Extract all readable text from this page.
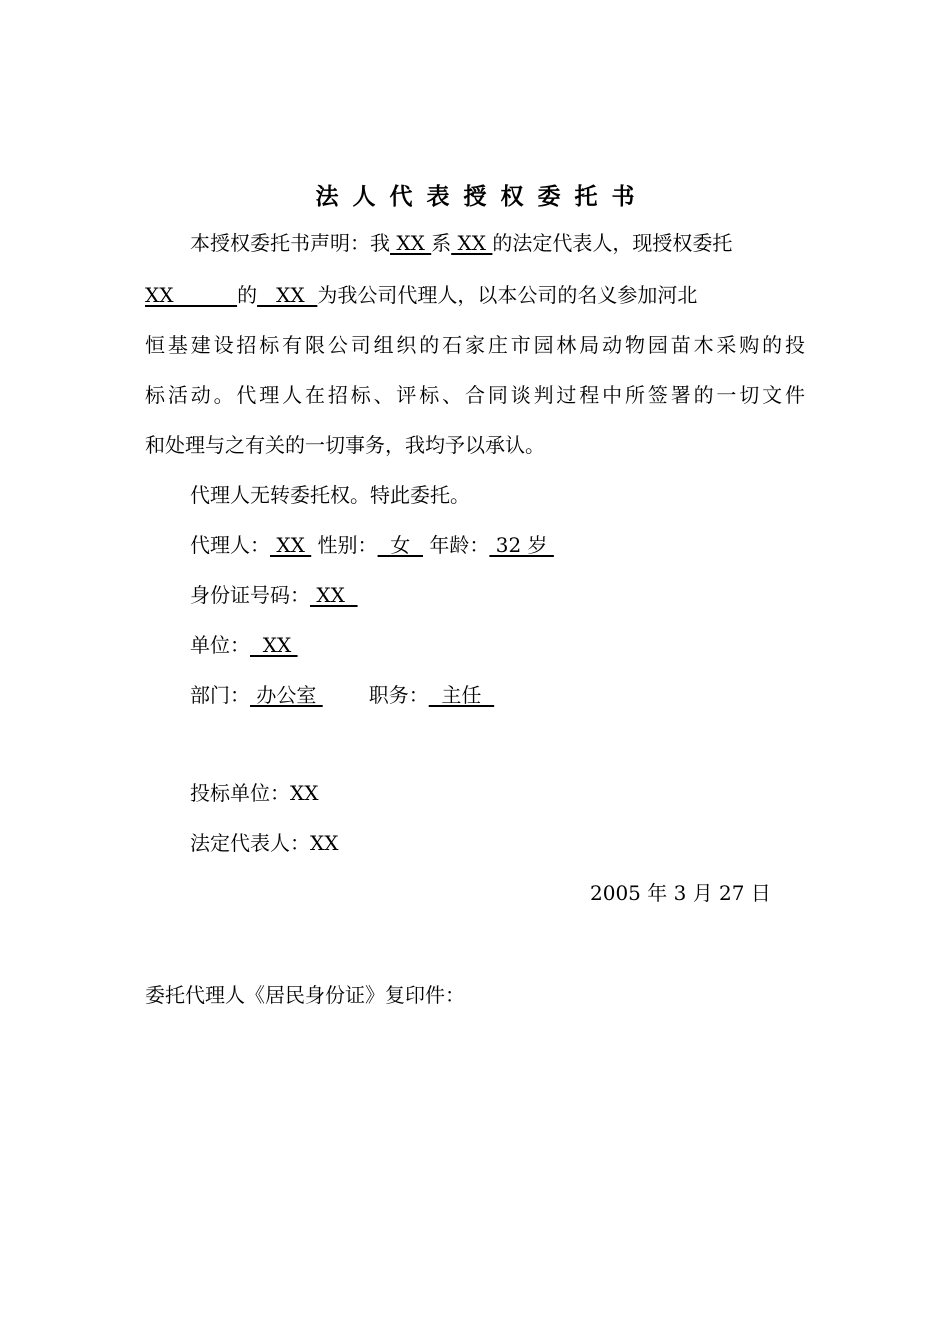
法人代表授权委托书
本授权委托书声明：我 XX 系 XX 的法定代表人，现授权委托
XX          的   XX  为我公司代理人，以本公司的名义参加河北
恒基建设招标有限公司组织的石家庄市园林局动物园苗木采购的投
标活动。代理人在招标、评标、合同谈判过程中所签署的一切文件
和处理与之有关的一切事务，我均予以承认。
代理人无转委托权。特此委托。
代理人： XX  性别：  女   年龄： 32 岁
身份证号码： XX
单位：  XX
部门： 办公室 职务：  主任
投标单位：XX
法定代表人：XX
2005 年 3 月 27 日
委托代理人《居民身份证》复印件：
